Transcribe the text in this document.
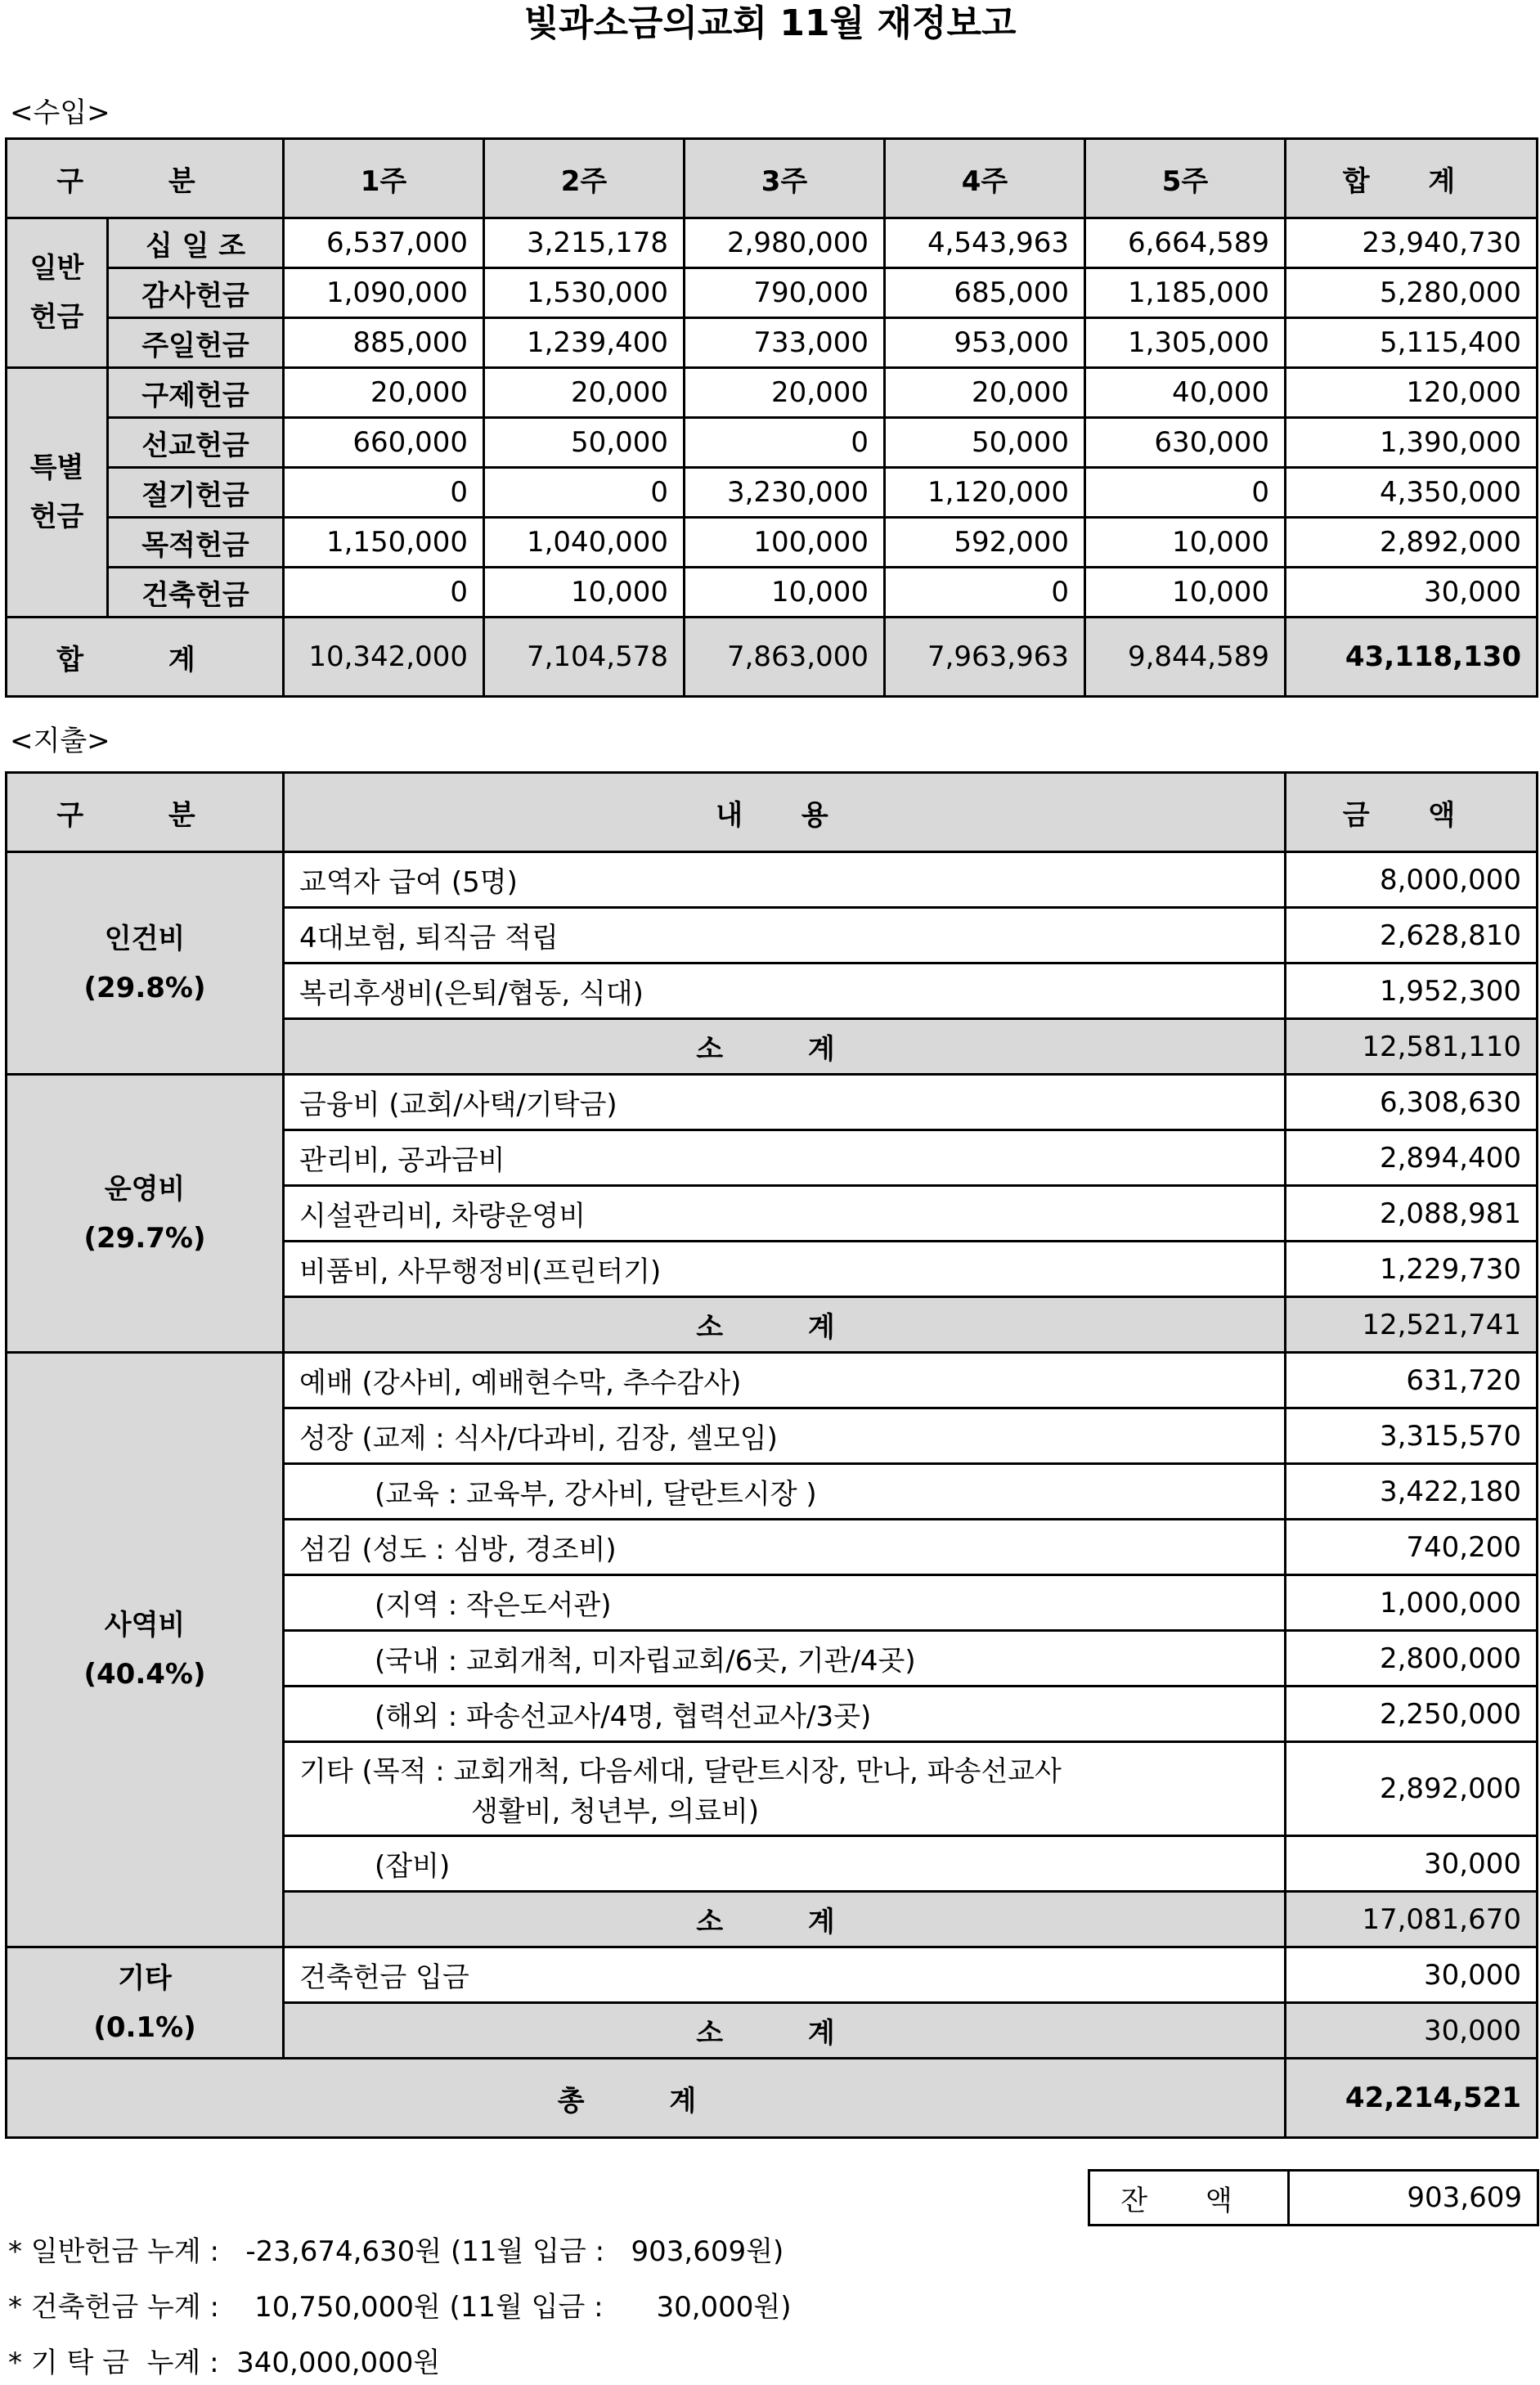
빛과소금의교회 11월 재정보고
<수입>
구 분		1주	2주	3주	4주	5주	합 계
일반
헌금	십 일 조	6,537,000	3,215,178	2,980,000	4,543,963	6,664,589	23,940,730
	감사헌금	1,090,000	1,530,000	790,000	685,000	1,185,000	5,280,000
	주일헌금	885,000	1,239,400	733,000	953,000	1,305,000	5,115,400
특별
헌금	구제헌금	20,000	20,000	20,000	20,000	40,000	120,000
	선교헌금	660,000	50,000	0	50,000	630,000	1,390,000
	절기헌금	0	0	3,230,000	1,120,000	0	4,350,000
	목적헌금	1,150,000	1,040,000	100,000	592,000	10,000	2,892,000
	건축헌금	0	10,000	10,000	0	10,000	30,000
합 계		10,342,000	7,104,578	7,863,000	7,963,963	9,844,589	43,118,130
<지출>
구 분	내 용	금 액

인건비
(29.8%)	교역자 급여 (5명)	8,000,000
	4대보험, 퇴직금 적립	2,628,810
	복리후생비(은퇴/협동, 식대)	1,952,300
	소 계	12,581,110

운영비
(29.7%)	금융비 (교회/사택/기탁금)	6,308,630
	관리비, 공과금비	2,894,400
	시설관리비, 차량운영비	2,088,981
	비품비, 사무행정비(프린터기)	1,229,730
	소 계	12,521,741

사역비
(40.4%)	예배 (강사비, 예배현수막, 추수감사)	631,720
	성장 (교제 : 식사/다과비, 김장, 셀모임)	3,315,570
	(교육 : 교육부, 강사비, 달란트시장 )	3,422,180
	섬김 (성도 : 심방, 경조비)	740,200
	(지역 : 작은도서관)	1,000,000
	(국내 : 교회개척, 미자립교회/6곳, 기관/4곳)	2,800,000
	(해외 : 파송선교사/4명, 협력선교사/3곳)	2,250,000

	기타 (목적 : 교회개척, 다음세대, 달란트시장, 만나, 파송선교사
생활비, 청년부, 의료비)	2,892,000
	(잡비)	30,000
	소 계	17,081,670

기타
(0.1%)	건축헌금 입금	30,000
	소 계	30,000
총 계		42,214,521
잔 액	903,609
* 일반헌금 누계 :   -23,674,630원 (11월 입금 :   903,609원)
* 건축헌금 누계 :    10,750,000원 (11월 입금 :      30,000원)
* 기 탁 금  누계 :  340,000,000원
